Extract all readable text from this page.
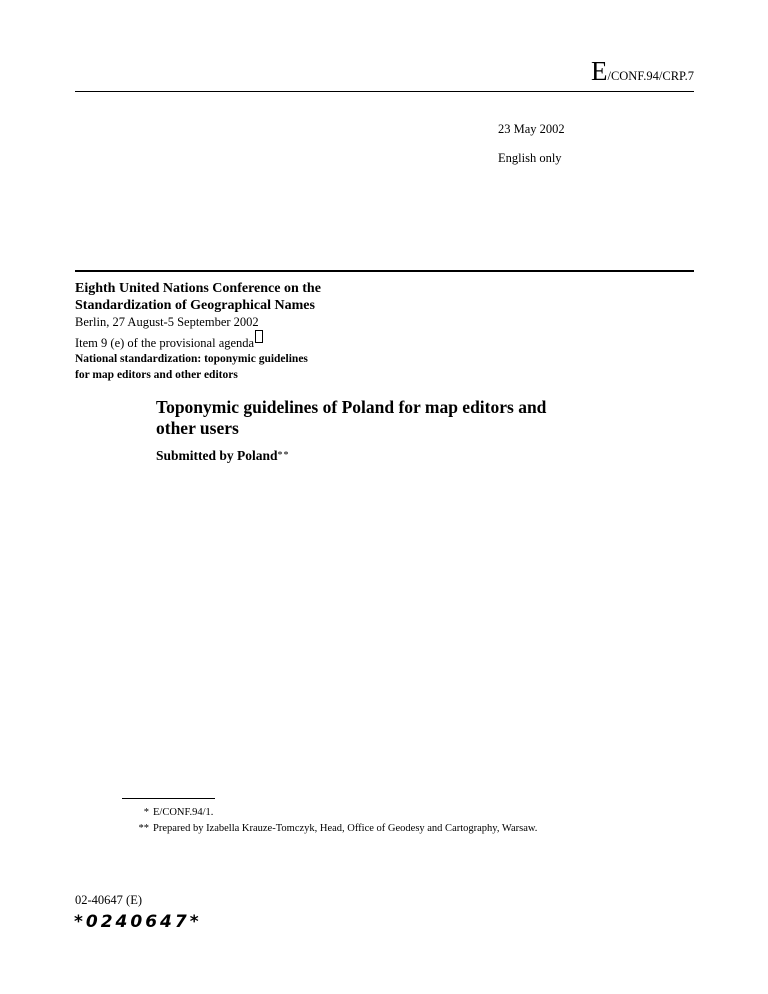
E/CONF.94/CRP.7
23 May 2002
English only

Eighth United Nations Conference on the

Standardization of Geographical Names

Berlin, 27 August-5 September 2002

Item 9 (e) of the provisional agenda

National standardization: toponymic guidelines

for map editors and other editors

Toponymic guidelines of Poland for map editors and
other users
Submitted by Poland**
* E/CONF.94/1.
** Prepared by Izabella Krauze-Tomczyk, Head, Office of Geodesy and Cartography, Warsaw.
02-40647 (E)
*0240647*
